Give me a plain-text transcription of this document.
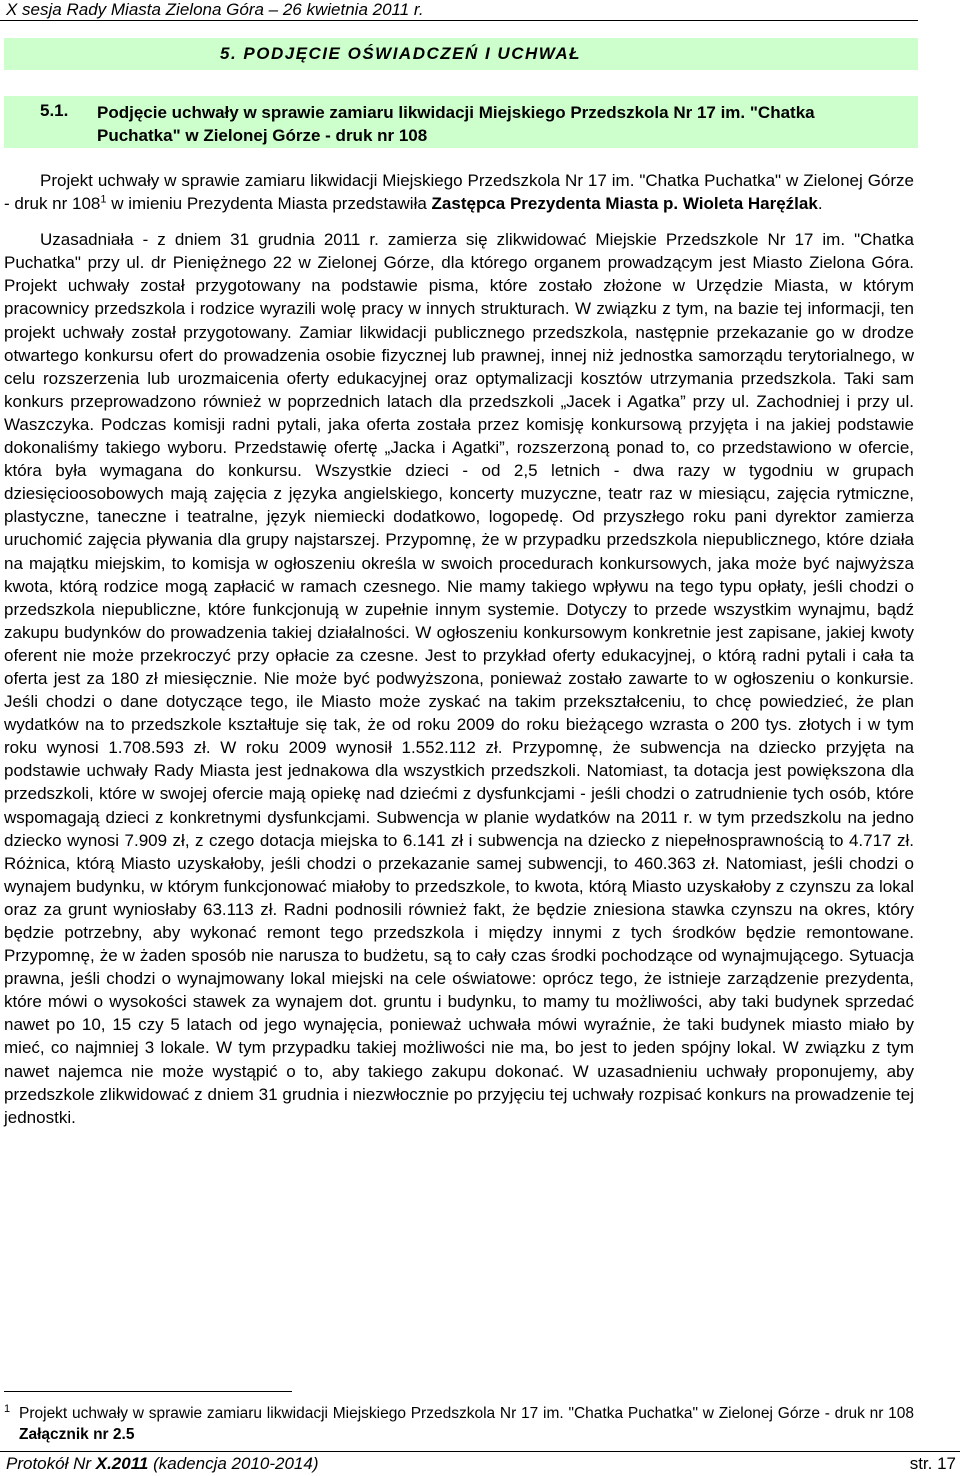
X sesja Rady Miasta Zielona Góra – 26 kwietnia 2011 r.
5. PODJĘCIE OŚWIADCZEŃ I UCHWAŁ
5.1. Podjęcie uchwały w sprawie zamiaru likwidacji Miejskiego Przedszkola Nr 17 im. "Chatka Puchatka" w Zielonej Górze - druk nr 108

Projekt uchwały w sprawie zamiaru likwidacji Miejskiego Przedszkola Nr 17 im. "Chatka Puchatka" w Zielonej Górze - druk nr $108^1$ w imieniu Prezydenta Miasta przedstawiła Zastępca Prezydenta Miasta p. Wioleta Haręźlak.

Uzasadniała - z dniem 31 grudnia 2011 r. zamierza się zlikwidować Miejskie Przedszkole Nr 17 im. "Chatka Puchatka" przy ul. dr Pieniężnego 22 w Zielonej Górze, dla którego organem prowadzącym jest Miasto Zielona Góra. Projekt uchwały został przygotowany na podstawie pisma, które zostało złożone w Urzędzie Miasta, w którym pracownicy przedszkola i rodzice wyrazili wolę pracy w innych strukturach. W związku z tym, na bazie tej informacji, ten projekt uchwały został przygotowany. Zamiar likwidacji publicznego przedszkola, następnie przekazanie go w drodze otwartego konkursu ofert do prowadzenia osobie fizycznej lub prawnej, innej niż jednostka samorządu terytorialnego, w celu rozszerzenia lub urozmaicenia oferty edukacyjnej oraz optymalizacji kosztów utrzymania przedszkola. Taki sam konkurs przeprowadzono również w poprzednich latach dla przedszkoli „Jacek i Agatka” przy ul. Zachodniej i przy ul. Waszczyka. Podczas komisji radni pytali, jaka oferta została przez komisję konkursową przyjęta i na jakiej podstawie dokonaliśmy takiego wyboru. Przedstawię ofertę „Jacka i Agatki”, rozszerzoną ponad to, co przedstawiono w ofercie, która była wymagana do konkursu. Wszystkie dzieci - od 2,5 letnich - dwa razy w tygodniu w grupach dziesięcioosobowych mają zajęcia z języka angielskiego, koncerty muzyczne, teatr raz w miesiącu, zajęcia rytmiczne, plastyczne, taneczne i teatralne, język niemiecki dodatkowo, logopedę. Od przyszłego roku pani dyrektor zamierza uruchomić zajęcia pływania dla grupy najstarszej. Przypomnę, że w przypadku przedszkola niepublicznego, które działa na majątku miejskim, to komisja w ogłoszeniu określa w swoich procedurach konkursowych, jaka może być najwyższa kwota, którą rodzice mogą zapłacić w ramach czesnego. Nie mamy takiego wpływu na tego typu opłaty, jeśli chodzi o przedszkola niepubliczne, które funkcjonują w zupełnie innym systemie. Dotyczy to przede wszystkim wynajmu, bądź zakupu budynków do prowadzenia takiej działalności. W ogłoszeniu konkursowym konkretnie jest zapisane, jakiej kwoty oferent nie może przekroczyć przy opłacie za czesne. Jest to przykład oferty edukacyjnej, o którą radni pytali i cała ta oferta jest za 180 zł miesięcznie. Nie może być podwyższona, ponieważ zostało zawarte to w ogłoszeniu o konkursie. Jeśli chodzi o dane dotyczące tego, ile Miasto może zyskać na takim przekształceniu, to chcę powiedzieć, że plan wydatków na to przedszkole kształtuje się tak, że od roku 2009 do roku bieżącego wzrasta o 200 tys. złotych i w tym roku wynosi 1.708.593 zł. W roku 2009 wynosił 1.552.112 zł. Przypomnę, że subwencja na dziecko przyjęta na podstawie uchwały Rady Miasta jest jednakowa dla wszystkich przedszkoli. Natomiast, ta dotacja jest powiększona dla przedszkoli, które w swojej ofercie mają opiekę nad dziećmi z dysfunkcjami - jeśli chodzi o zatrudnienie tych osób, które wspomagają dzieci z konkretnymi dysfunkcjami. Subwencja w planie wydatków na 2011 r. w tym przedszkolu na jedno dziecko wynosi 7.909 zł, z czego dotacja miejska to 6.141 zł i subwencja na dziecko z niepełnosprawnością to 4.717 zł. Różnica, którą Miasto uzyskałoby, jeśli chodzi o przekazanie samej subwencji, to 460.363 zł. Natomiast, jeśli chodzi o wynajem budynku, w którym funkcjonować miałoby to przedszkole, to kwota, którą Miasto uzyskałoby z czynszu za lokal oraz za grunt wyniosłaby 63.113 zł. Radni podnosili również fakt, że będzie zniesiona stawka czynszu na okres, który będzie potrzebny, aby wykonać remont tego przedszkola i między innymi z tych środków będzie remontowane. Przypomnę, że w żaden sposób nie narusza to budżetu, są to cały czas środki pochodzące od wynajmującego. Sytuacja prawna, jeśli chodzi o wynajmowany lokal miejski na cele oświatowe: oprócz tego, że istnieje zarządzenie prezydenta, które mówi o wysokości stawek za wynajem dot. gruntu i budynku, to mamy tu możliwości, aby taki budynek sprzedać nawet po 10, 15 czy 5 latach od jego wynajęcia, ponieważ uchwała mówi wyraźnie, że taki budynek miasto miało by mieć, co najmniej 3 lokale. W tym przypadku takiej możliwości nie ma, bo jest to jeden spójny lokal. W związku z tym nawet najemca nie może wystąpić o to, aby takiego zakupu dokonać. W uzasadnieniu uchwały proponujemy, aby przedszkole zlikwidować z dniem 31 grudnia i niezwłocznie po przyjęciu tej uchwały rozpisać konkurs na prowadzenie tej jednostki.

1 Projekt uchwały w sprawie zamiaru likwidacji Miejskiego Przedszkola Nr 17 im. "Chatka Puchatka" w Zielonej Górze - druk nr 108 Załącznik nr 2.5
Protokół Nr X.2011 (kadencja 2010-2014)	str. 17
